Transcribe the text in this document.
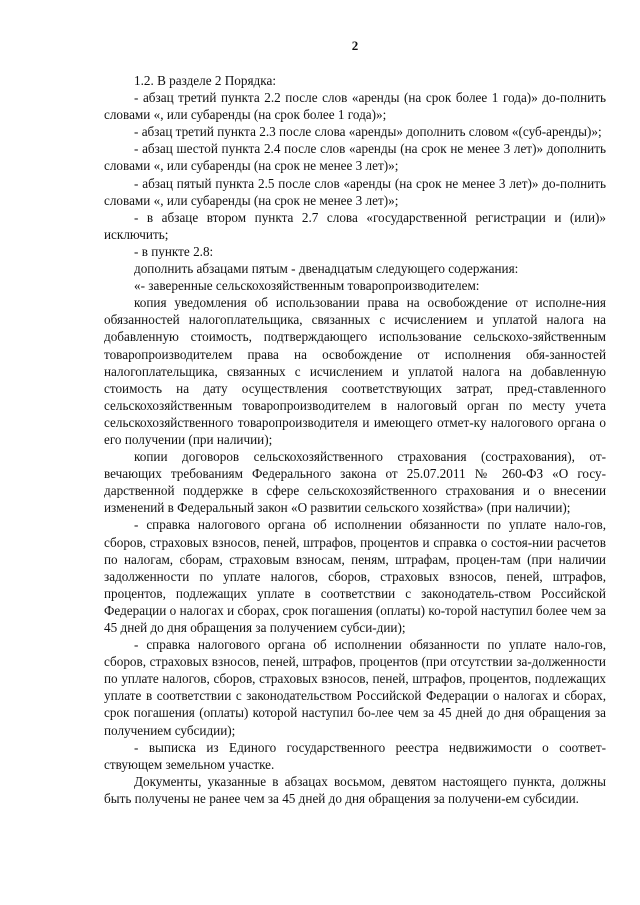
2

1.2. В разделе 2 Порядка:

- абзац третий пункта 2.2 после слов «аренды (на срок более 1 года)» до-полнить словами «, или субаренды (на срок более 1 года)»;

- абзац третий пункта 2.3 после слова «аренды» дополнить словом «(суб-аренды)»;

- абзац шестой пункта 2.4 после слов «аренды (на срок не менее 3 лет)» дополнить словами «, или субаренды (на срок не менее 3 лет)»;

- абзац пятый пункта 2.5 после слов «аренды (на срок не менее 3 лет)» до-полнить словами «, или субаренды (на срок не менее 3 лет)»;

- в абзаце втором пункта 2.7 слова «государственной регистрации и (или)» исключить;

- в пункте 2.8:

дополнить абзацами пятым - двенадцатым следующего содержания:

«- заверенные сельскохозяйственным товаропроизводителем:

копия уведомления об использовании права на освобождение от исполне-ния обязанностей налогоплательщика, связанных с исчислением и уплатой налога на добавленную стоимость, подтверждающего использование сельскохо-зяйственным товаропроизводителем права на освобождение от исполнения обя-занностей налогоплательщика, связанных с исчислением и уплатой налога на добавленную стоимость на дату осуществления соответствующих затрат, пред-ставленного сельскохозяйственным товаропроизводителем в налоговый орган по месту учета сельскохозяйственного товаропроизводителя и имеющего отмет-ку налогового органа о его получении (при наличии);

копии договоров сельскохозяйственного страхования (сострахования), от-вечающих требованиям Федерального закона от 25.07.2011 № 260-ФЗ «О госу-дарственной поддержке в сфере сельскохозяйственного страхования и о внесении изменений в Федеральный закон «О развитии сельского хозяйства» (при наличии);

- справка налогового органа об исполнении обязанности по уплате нало-гов, сборов, страховых взносов, пеней, штрафов, процентов и справка о состоя-нии расчетов по налогам, сборам, страховым взносам, пеням, штрафам, процен-там (при наличии задолженности по уплате налогов, сборов, страховых взносов, пеней, штрафов, процентов, подлежащих уплате в соответствии с законодатель-ством Российской Федерации о налогах и сборах, срок погашения (оплаты) ко-торой наступил более чем за 45 дней до дня обращения за получением субси-дии);

- справка налогового органа об исполнении обязанности по уплате нало-гов, сборов, страховых взносов, пеней, штрафов, процентов (при отсутствии за-долженности по уплате налогов, сборов, страховых взносов, пеней, штрафов, процентов, подлежащих уплате в соответствии с законодательством Российской Федерации о налогах и сборах, срок погашения (оплаты) которой наступил бо-лее чем за 45 дней до дня обращения за получением субсидии);

- выписка из Единого государственного реестра недвижимости о соответ-ствующем земельном участке.

Документы, указанные в абзацах восьмом, девятом настоящего пункта, должны быть получены не ранее чем за 45 дней до дня обращения за получени-ем субсидии.
